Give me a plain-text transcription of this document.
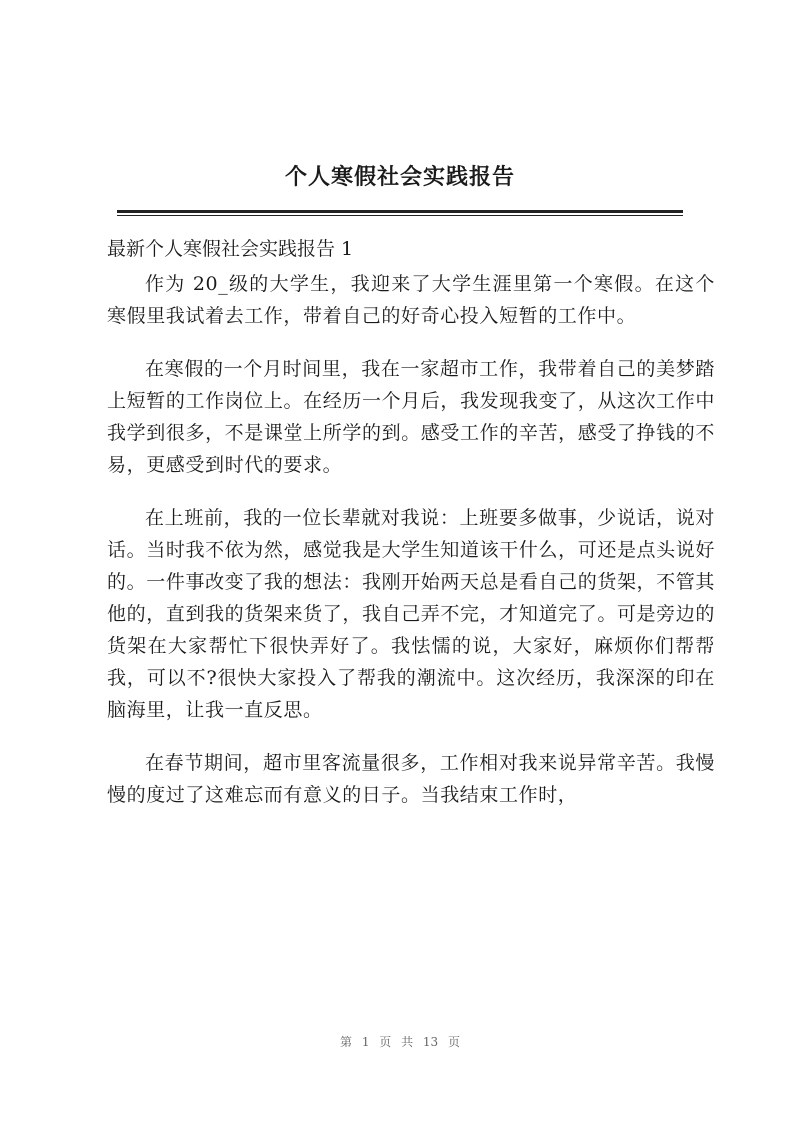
个人寒假社会实践报告
最新个人寒假社会实践报告 1

作为 20_级的大学生，我迎来了大学生涯里第一个寒假。在这个寒假里我试着去工作，带着自己的好奇心投入短暂的工作中。

在寒假的一个月时间里，我在一家超市工作，我带着自己的美梦踏上短暂的工作岗位上。在经历一个月后，我发现我变了，从这次工作中我学到很多，不是课堂上所学的到。感受工作的辛苦，感受了挣钱的不易，更感受到时代的要求。

在上班前，我的一位长辈就对我说：上班要多做事，少说话，说对话。当时我不依为然，感觉我是大学生知道该干什么，可还是点头说好的。一件事改变了我的想法：我刚开始两天总是看自己的货架，不管其他的，直到我的货架来货了，我自己弄不完，才知道完了。可是旁边的货架在大家帮忙下很快弄好了。我怯懦的说，大家好，麻烦你们帮帮我，可以不?很快大家投入了帮我的潮流中。这次经历，我深深的印在脑海里，让我一直反思。

在春节期间，超市里客流量很多，工作相对我来说异常辛苦。我慢慢的度过了这难忘而有意义的日子。当我结束工作时，

第 1 页 共 13 页
